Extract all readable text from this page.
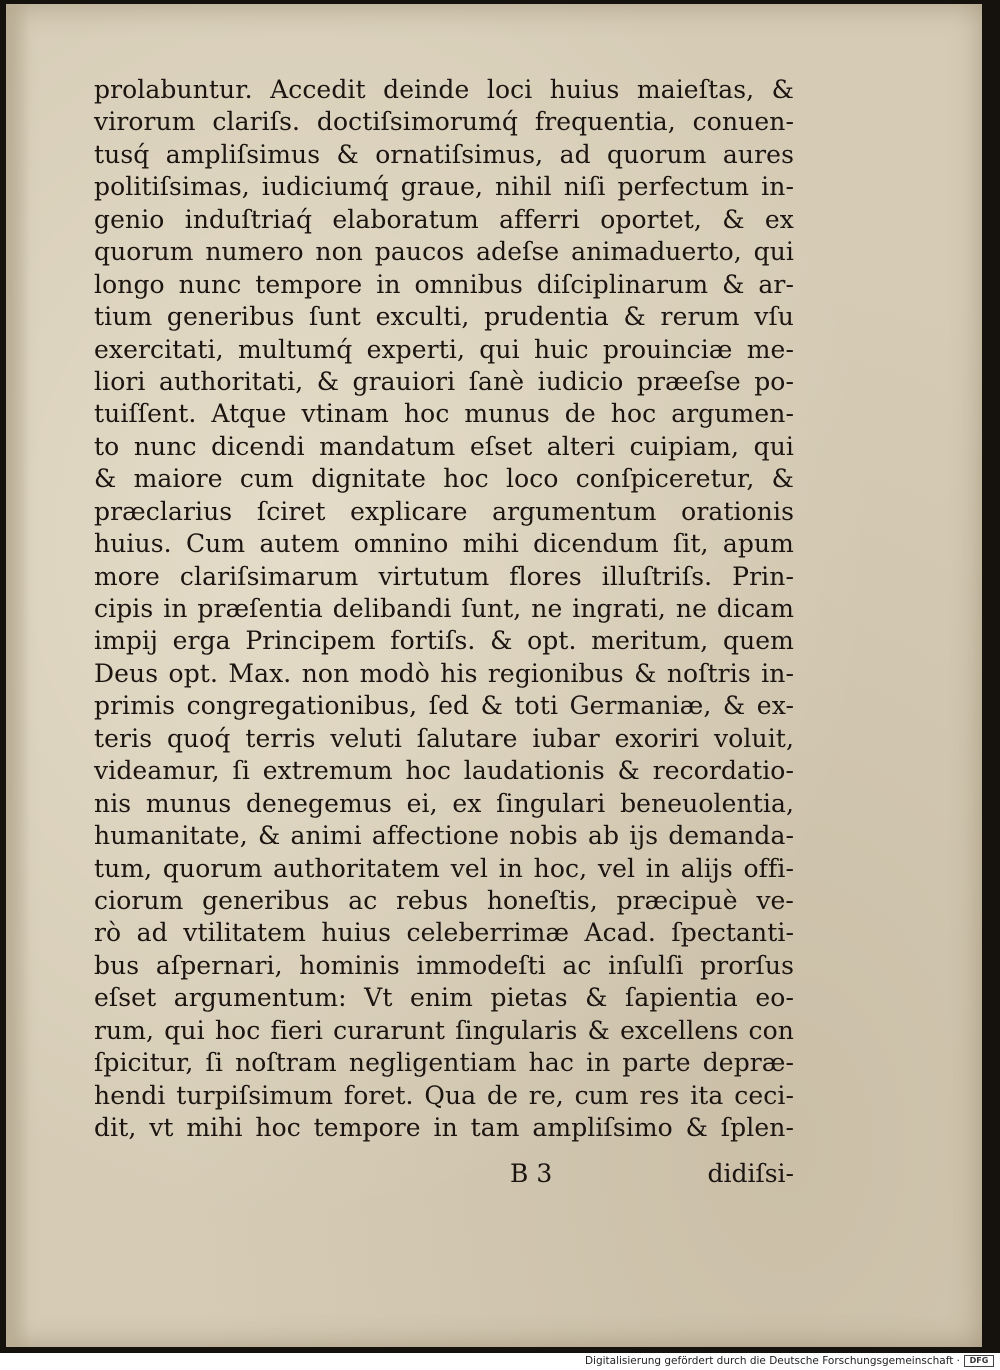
prolabuntur. Accedit deinde loci huius maieſtas, &
virorum clariſs. doctiſsimorumq́ frequentia, conuen-
tusq́ ampliſsimus & ornatiſsimus, ad quorum aures
politiſsimas, iudiciumq́ graue, nihil niſi perfectum in-
genio induſtriaq́ elaboratum afferri oportet, & ex
quorum numero non paucos adeſse animaduerto, qui
longo nunc tempore in omnibus diſciplinarum & ar-
tium generibus ſunt exculti, prudentia & rerum vſu
exercitati, multumq́ experti, qui huic prouinciæ me-
liori authoritati, & grauiori ſanè iudicio præeſse po-
tuiſſent. Atque vtinam hoc munus de hoc argumen-
to nunc dicendi mandatum eſset alteri cuipiam, qui
& maiore cum dignitate hoc loco conſpiceretur, &
præclarius ſciret explicare argumentum orationis
huius. Cum autem omnino mihi dicendum ſit, apum
more clariſsimarum virtutum flores illuſtriſs. Prin-
cipis in præſentia delibandi ſunt, ne ingrati, ne dicam
impij erga Principem fortiſs. & opt. meritum, quem
Deus opt. Max. non modò his regionibus & noſtris in-
primis congregationibus, ſed & toti Germaniæ, & ex-
teris quoq́ terris veluti ſalutare iubar exoriri voluit,
videamur, ſi extremum hoc laudationis & recordatio-
nis munus denegemus ei, ex ſingulari beneuolentia,
humanitate, & animi affectione nobis ab ijs demanda-
tum, quorum authoritatem vel in hoc, vel in alijs offi-
ciorum generibus ac rebus honeſtis, præcipuè ve-
rò ad vtilitatem huius celeberrimæ Acad. ſpectanti-
bus aſpernari, hominis immodeſti ac inſulſi prorſus
eſset argumentum: Vt enim pietas & ſapientia eo-
rum, qui hoc fieri curarunt ſingularis & excellens con
ſpicitur, ſi noſtram negligentiam hac in parte depræ-
hendi turpiſsimum foret. Qua de re, cum res ita ceci-
dit, vt mihi hoc tempore in tam ampliſsimo & ſplen-
B 3	didiſsi-
Digitalisierung gefördert durch die Deutsche Forschungsgemeinschaft ·	DFG
